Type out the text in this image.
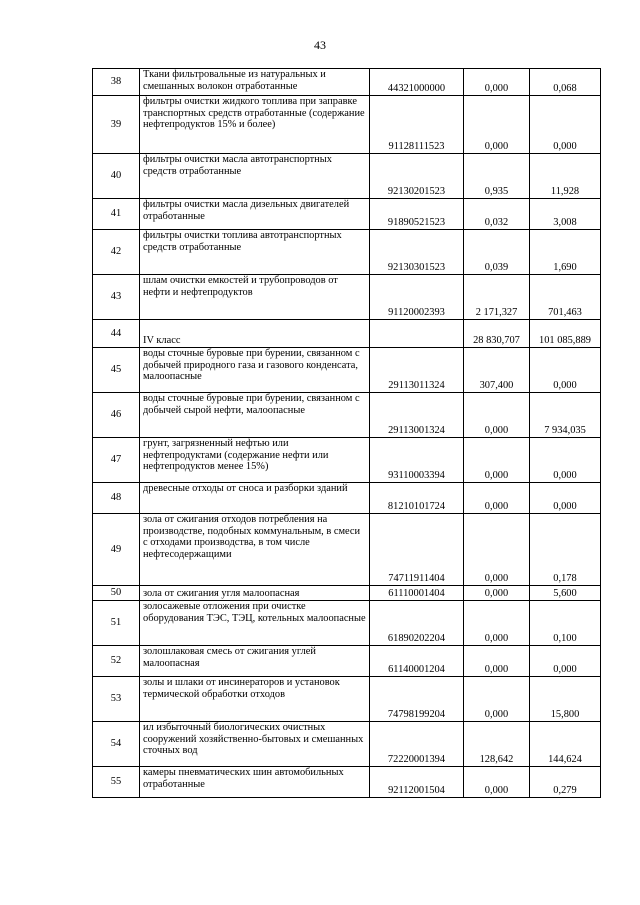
43
38	Ткани фильтровальные из натуральных и смешанных волокон отработанные	44321000000	0,000	0,068
39	фильтры очистки жидкого топлива при заправке транспортных средств отработанные (содержание нефтепродуктов 15% и более)	91128111523	0,000	0,000
40	фильтры очистки масла автотранспортных средств отработанные	92130201523	0,935	11,928
41	фильтры очистки масла дизельных двигателей отработанные	91890521523	0,032	3,008
42	фильтры очистки топлива автотранспортных средств отработанные	92130301523	0,039	1,690
43	шлам очистки емкостей и трубопроводов от нефти и нефтепродуктов	91120002393	2 171,327	701,463
44	IV класс		28 830,707	101 085,889
45	воды сточные буровые при бурении, связанном с добычей природного газа и газового конденсата, малоопасные	29113011324	307,400	0,000
46	воды сточные буровые при бурении, связанном с добычей сырой нефти, малоопасные	29113001324	0,000	7 934,035
47	грунт, загрязненный нефтью или нефтепродуктами (содержание нефти или нефтепродуктов менее 15%)	93110003394	0,000	0,000
48	древесные отходы от сноса и разборки зданий	81210101724	0,000	0,000
49	зола от сжигания отходов потребления на производстве, подобных коммунальным, в смеси с отходами производства, в том числе нефтесодержащими	74711911404	0,000	0,178
50	зола от сжигания угля малоопасная	61110001404	0,000	5,600
51	золосажевые отложения при очистке оборудования ТЭС, ТЭЦ, котельных малоопасные	61890202204	0,000	0,100
52	золошлаковая смесь от сжигания углей малоопасная	61140001204	0,000	0,000
53	золы и шлаки от инсинераторов и установок термической обработки отходов	74798199204	0,000	15,800
54	ил избыточный биологических очистных сооружений хозяйственно-бытовых и смешанных сточных вод	72220001394	128,642	144,624
55	камеры пневматических шин автомобильных отработанные	92112001504	0,000	0,279
